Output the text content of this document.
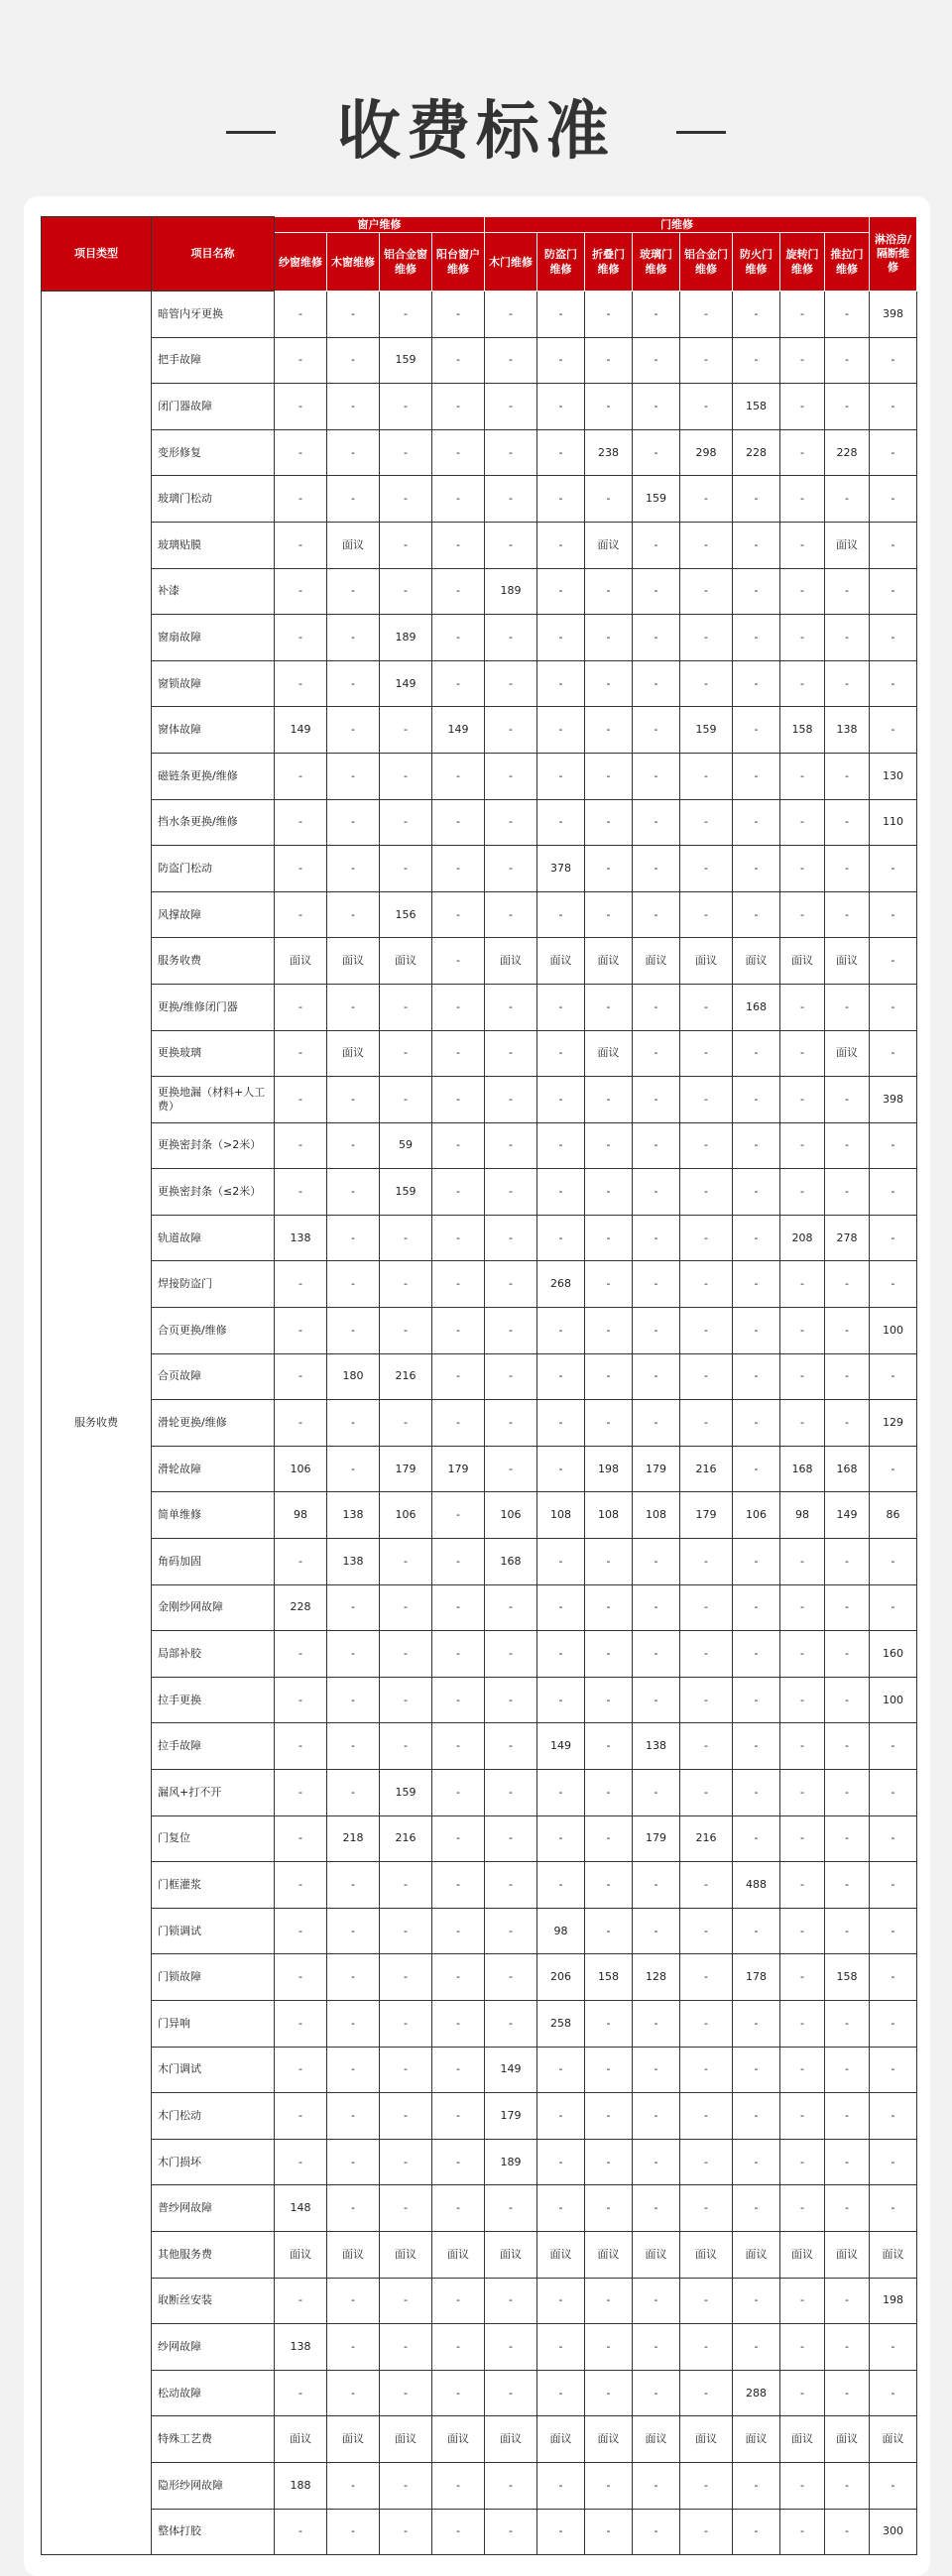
收费标准
项目类型	项目名称	窗户维修				门维修								淋浴房/隔断维修
		纱窗维修	木窗维修	铝合金窗维修	阳台窗户维修	木门维修	防盗门维修	折叠门维修	玻璃门维修	铝合金门维修	防火门维修	旋转门维修	推拉门维修	
服务收费	暗管内牙更换	-	-	-	-	-	-	-	-	-	-	-	-	398
	把手故障	-	-	159	-	-	-	-	-	-	-	-	-	-
	闭门器故障	-	-	-	-	-	-	-	-	-	158	-	-	-
	变形修复	-	-	-	-	-	-	238	-	298	228	-	228	-
	玻璃门松动	-	-	-	-	-	-	-	159	-	-	-	-	-
	玻璃贴膜	-	面议	-	-	-	-	面议	-	-	-	-	面议	-
	补漆	-	-	-	-	189	-	-	-	-	-	-	-	-
	窗扇故障	-	-	189	-	-	-	-	-	-	-	-	-	-
	窗锁故障	-	-	149	-	-	-	-	-	-	-	-	-	-
	窗体故障	149	-	-	149	-	-	-	-	159	-	158	138	-
	磁链条更换/维修	-	-	-	-	-	-	-	-	-	-	-	-	130
	挡水条更换/维修	-	-	-	-	-	-	-	-	-	-	-	-	110
	防盗门松动	-	-	-	-	-	378	-	-	-	-	-	-	-
	风撑故障	-	-	156	-	-	-	-	-	-	-	-	-	-
	服务收费	面议	面议	面议	-	面议	面议	面议	面议	面议	面议	面议	面议	-
	更换/维修闭门器	-	-	-	-	-	-	-	-	-	168	-	-	-
	更换玻璃	-	面议	-	-	-	-	面议	-	-	-	-	面议	-
	更换地漏（材料+人工费）	-	-	-	-	-	-	-	-	-	-	-	-	398
	更换密封条（>2米）	-	-	59	-	-	-	-	-	-	-	-	-	-
	更换密封条（≤2米）	-	-	159	-	-	-	-	-	-	-	-	-	-
	轨道故障	138	-	-	-	-	-	-	-	-	-	208	278	-
	焊接防盗门	-	-	-	-	-	268	-	-	-	-	-	-	-
	合页更换/维修	-	-	-	-	-	-	-	-	-	-	-	-	100
	合页故障	-	180	216	-	-	-	-	-	-	-	-	-	-
	滑轮更换/维修	-	-	-	-	-	-	-	-	-	-	-	-	129
	滑轮故障	106	-	179	179	-	-	198	179	216	-	168	168	-
	简单维修	98	138	106	-	106	108	108	108	179	106	98	149	86
	角码加固	-	138	-	-	168	-	-	-	-	-	-	-	-
	金刚纱网故障	228	-	-	-	-	-	-	-	-	-	-	-	-
	局部补胶	-	-	-	-	-	-	-	-	-	-	-	-	160
	拉手更换	-	-	-	-	-	-	-	-	-	-	-	-	100
	拉手故障	-	-	-	-	-	149	-	138	-	-	-	-	-
	漏风+打不开	-	-	159	-	-	-	-	-	-	-	-	-	-
	门复位	-	218	216	-	-	-	-	179	216	-	-	-	-
	门框灌浆	-	-	-	-	-	-	-	-	-	488	-	-	-
	门锁调试	-	-	-	-	-	98	-	-	-	-	-	-	-
	门锁故障	-	-	-	-	-	206	158	128	-	178	-	158	-
	门异响	-	-	-	-	-	258	-	-	-	-	-	-	-
	木门调试	-	-	-	-	149	-	-	-	-	-	-	-	-
	木门松动	-	-	-	-	179	-	-	-	-	-	-	-	-
	木门损坏	-	-	-	-	189	-	-	-	-	-	-	-	-
	普纱网故障	148	-	-	-	-	-	-	-	-	-	-	-	-
	其他服务费	面议	面议	面议	面议	面议	面议	面议	面议	面议	面议	面议	面议	面议
	取断丝安装	-	-	-	-	-	-	-	-	-	-	-	-	198
	纱网故障	138	-	-	-	-	-	-	-	-	-	-	-	-
	松动故障	-	-	-	-	-	-	-	-	-	288	-	-	-
	特殊工艺费	面议	面议	面议	面议	面议	面议	面议	面议	面议	面议	面议	面议	面议
	隐形纱网故障	188	-	-	-	-	-	-	-	-	-	-	-	-
	整体打胶	-	-	-	-	-	-	-	-	-	-	-	-	300
